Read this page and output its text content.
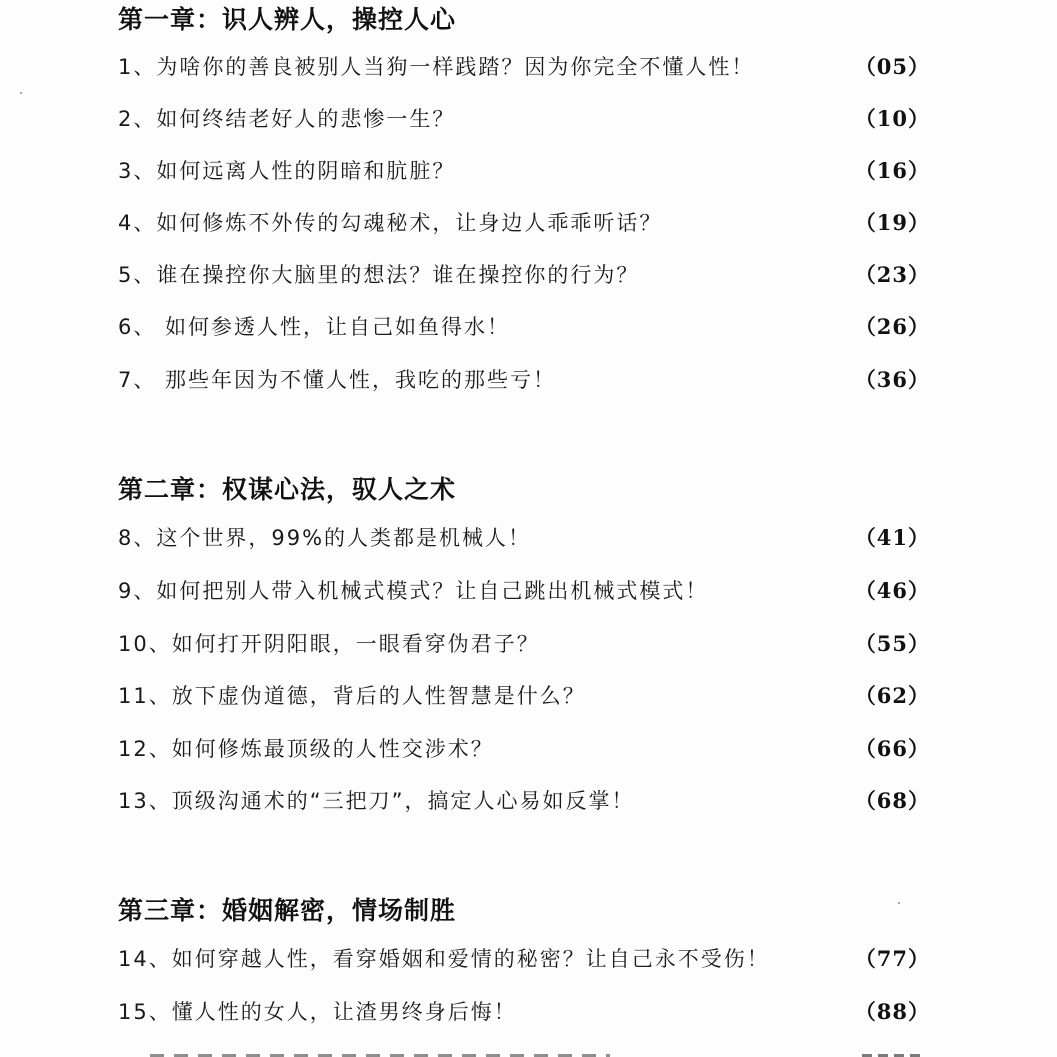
第一章：识人辨人，操控人心
1、为啥你的善良被别人当狗一样践踏？因为你完全不懂人性！	（05）
2、如何终结老好人的悲惨一生？	（10）
3、如何远离人性的阴暗和肮脏？	（16）
4、如何修炼不外传的勾魂秘术，让身边人乖乖听话？	（19）
5、谁在操控你大脑里的想法？谁在操控你的行为？	（23）
6、 如何参透人性，让自己如鱼得水！	（26）
7、 那些年因为不懂人性，我吃的那些亏！	（36）
第二章：权谋心法，驭人之术
8、这个世界，99%的人类都是机械人！	（41）
9、如何把别人带入机械式模式？让自己跳出机械式模式！	（46）
10、如何打开阴阳眼，一眼看穿伪君子？	（55）
11、放下虚伪道德，背后的人性智慧是什么？	（62）
12、如何修炼最顶级的人性交涉术？	（66）
13、顶级沟通术的“三把刀”，搞定人心易如反掌！	（68）
第三章：婚姻解密，情场制胜
14、如何穿越人性，看穿婚姻和爱情的秘密？让自己永不受伤！	（77）
15、懂人性的女人，让渣男终身后悔！	（88）
